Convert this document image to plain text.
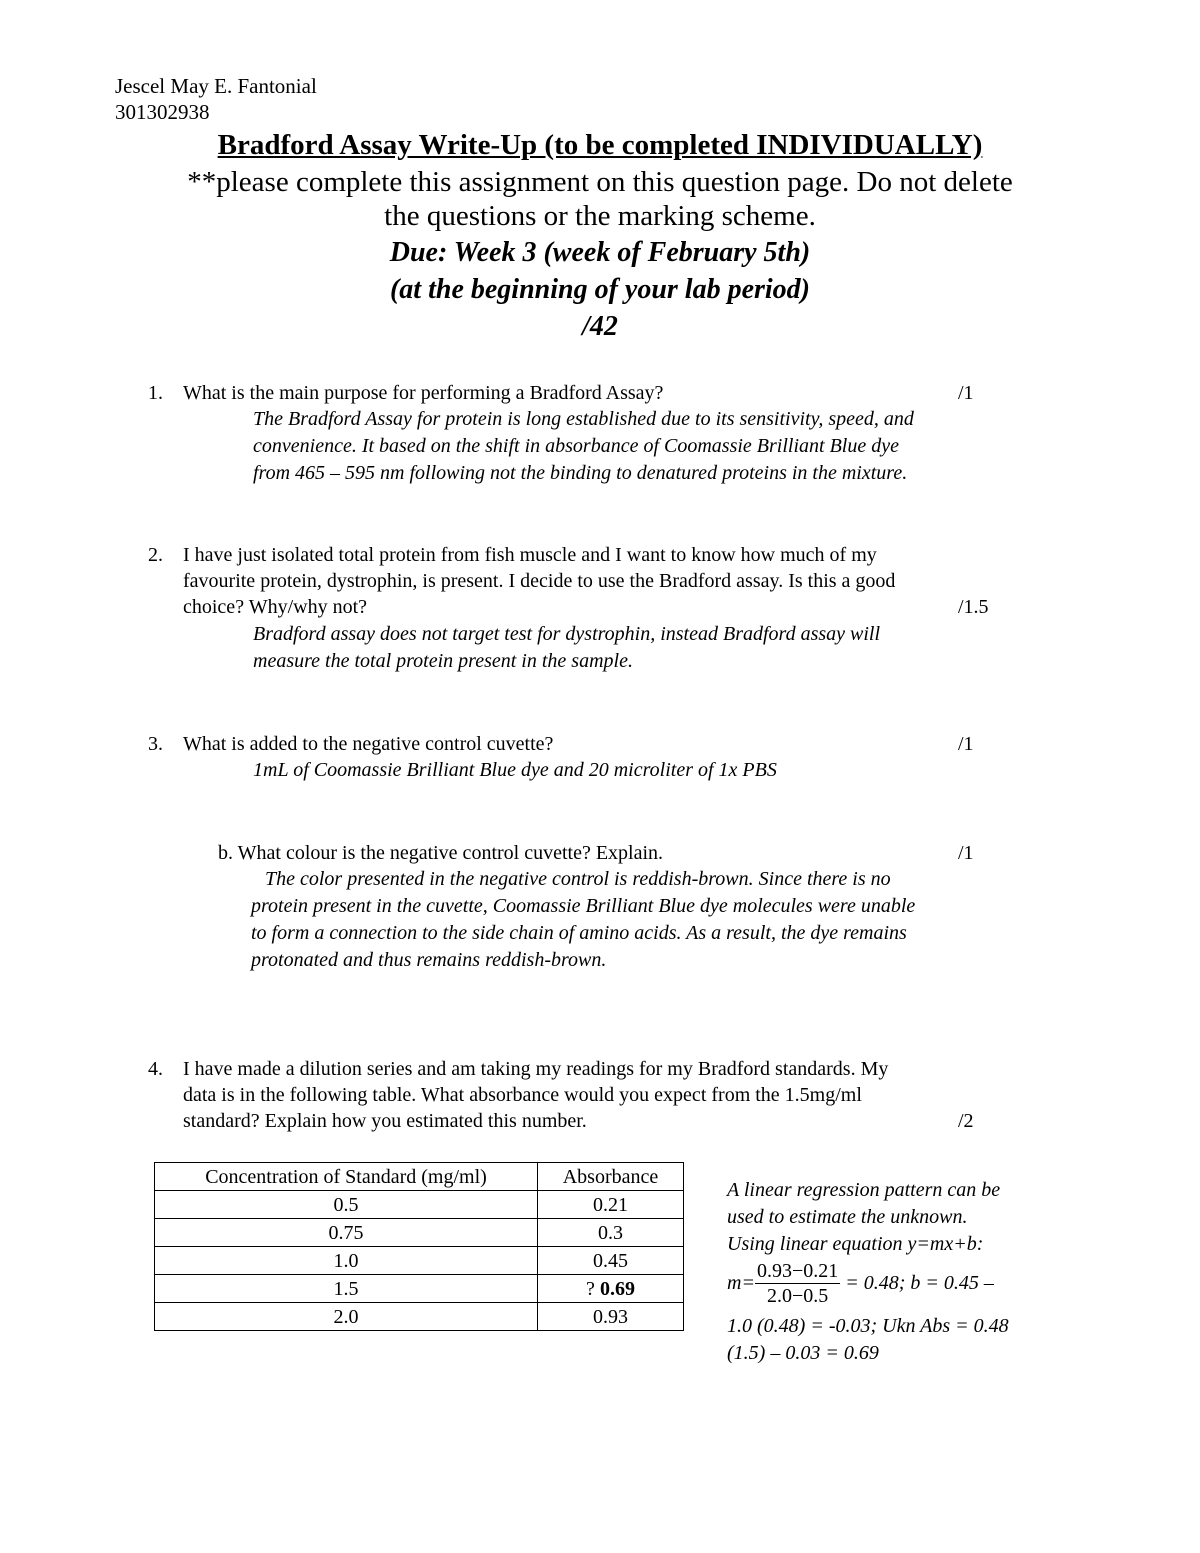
Jescel May E. Fantonial
301302938
Bradford Assay Write-Up (to be completed INDIVIDUALLY)
**please complete this assignment on this question page. Do not delete
the questions or the marking scheme.
Due: Week 3 (week of February 5th)
(at the beginning of your lab period)
/42
1. What is the main purpose for performing a Bradford Assay?	/1
The Bradford Assay for protein is long established due to its sensitivity, speed, and
convenience. It based on the shift in absorbance of Coomassie Brilliant Blue dye
from 465 – 595 nm following not the binding to denatured proteins in the mixture.
2. I have just isolated total protein from fish muscle and I want to know how much of my
favourite protein, dystrophin, is present. I decide to use the Bradford assay. Is this a good
choice? Why/why not?	/1.5
Bradford assay does not target test for dystrophin, instead Bradford assay will
measure the total protein present in the sample.
3. What is added to the negative control cuvette?	/1
1mL of Coomassie Brilliant Blue dye and 20 microliter of 1x PBS
b. What colour is the negative control cuvette? Explain.	/1
The color presented in the negative control is reddish-brown. Since there is no
protein present in the cuvette, Coomassie Brilliant Blue dye molecules were unable
to form a connection to the side chain of amino acids. As a result, the dye remains
protonated and thus remains reddish-brown.
4. I have made a dilution series and am taking my readings for my Bradford standards. My
data is in the following table. What absorbance would you expect from the 1.5mg/ml
standard? Explain how you estimated this number.	/2
Concentration of Standard (mg/ml)	Absorbance
0.5	0.21
0.75	0.3
1.0	0.45
1.5	? 0.69
2.0	0.93
A linear regression pattern can be
used to estimate the unknown.
Using linear equation y=mx+b:
$m= \frac{0.93-0.21}{2.0-0.5} = 0.48$; b = 0.45 –
1.0 (0.48) = -0.03; Ukn Abs = 0.48
(1.5) – 0.03 = 0.69
